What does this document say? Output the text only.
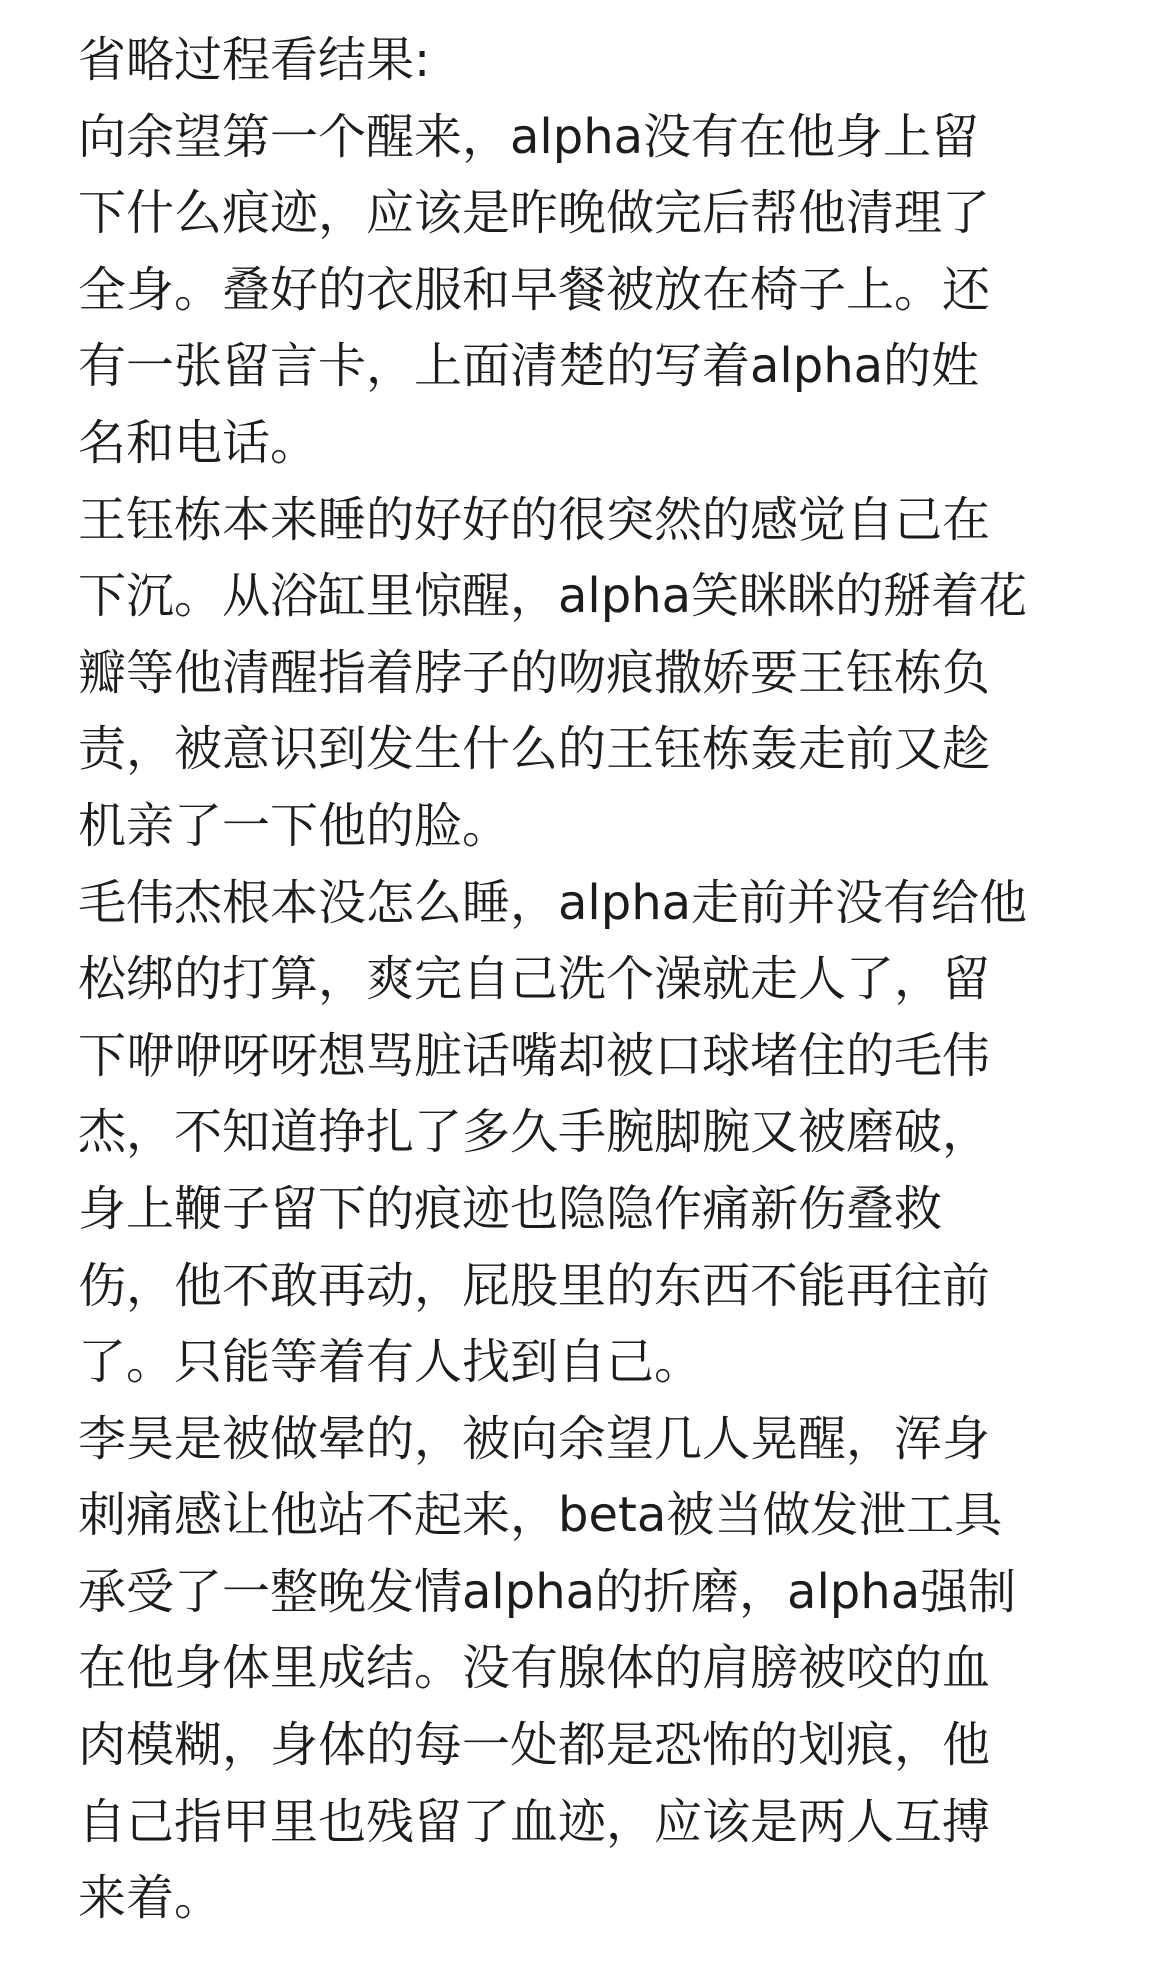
省略过程看结果:
向余望第一个醒来，alpha没有在他身上留
下什么痕迹，应该是昨晚做完后帮他清理了
全身。叠好的衣服和早餐被放在椅子上。还
有一张留言卡，上面清楚的写着alpha的姓
名和电话。
王钰栋本来睡的好好的很突然的感觉自己在
下沉。从浴缸里惊醒，alpha笑眯眯的掰着花
瓣等他清醒指着脖子的吻痕撒娇要王钰栋负
责，被意识到发生什么的王钰栋轰走前又趁
机亲了一下他的脸。
毛伟杰根本没怎么睡，alpha走前并没有给他
松绑的打算，爽完自己洗个澡就走人了，留
下咿咿呀呀想骂脏话嘴却被口球堵住的毛伟
杰，不知道挣扎了多久手腕脚腕又被磨破，
身上鞭子留下的痕迹也隐隐作痛新伤叠救
伤，他不敢再动，屁股里的东西不能再往前
了。只能等着有人找到自己。
李昊是被做晕的，被向余望几人晃醒，浑身
刺痛感让他站不起来，beta被当做发泄工具
承受了一整晚发情alpha的折磨，alpha强制
在他身体里成结。没有腺体的肩膀被咬的血
肉模糊，身体的每一处都是恐怖的划痕，他
自己指甲里也残留了血迹，应该是两人互搏
来着。
